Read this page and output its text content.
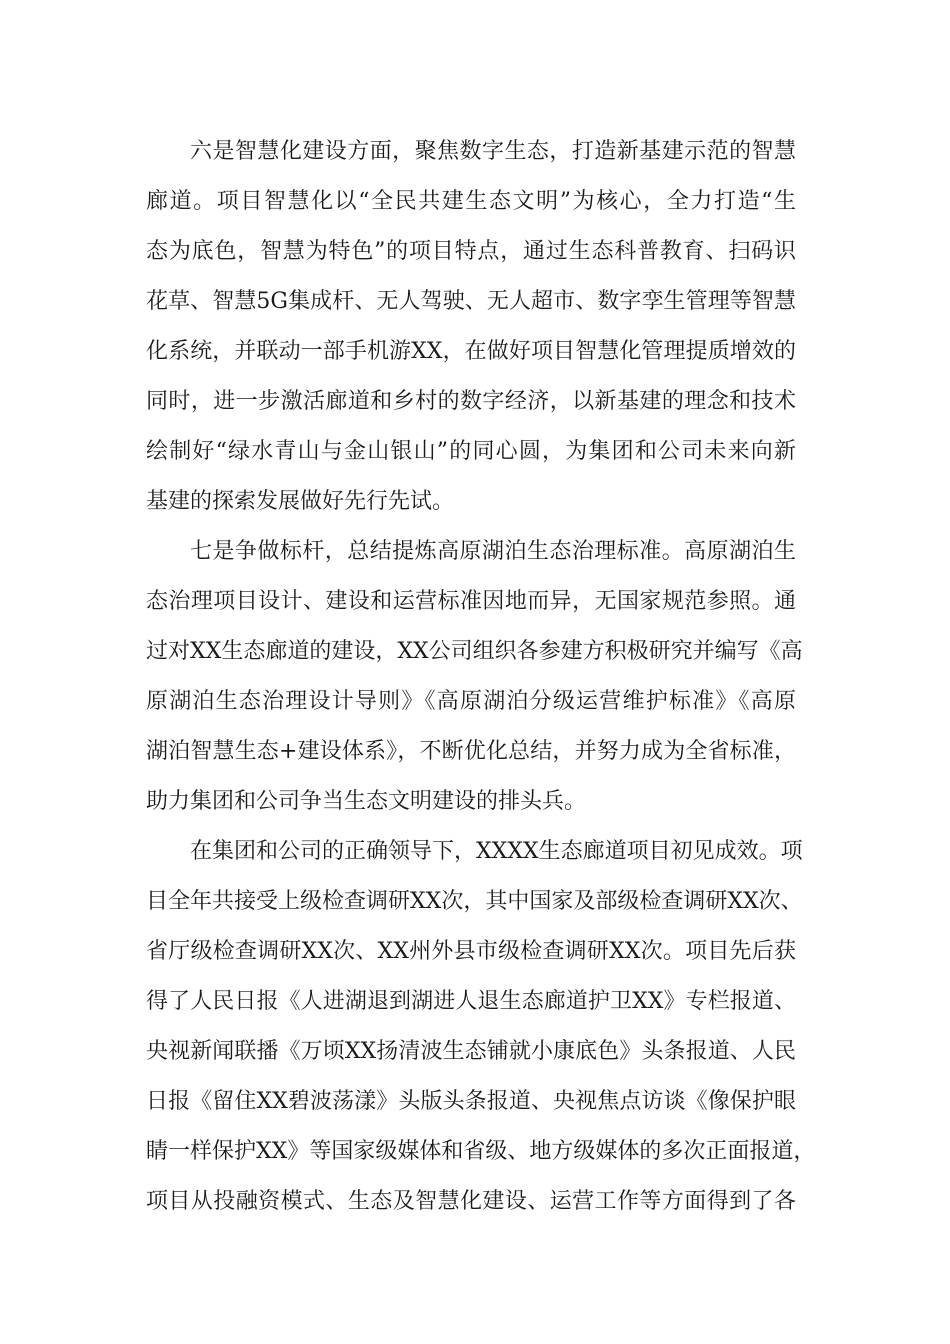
六是智慧化建设方面，聚焦数字生态，打造新基建示范的智慧

廊道。项目智慧化以“全民共建生态文明”为核心，全力打造“生

态为底色，智慧为特色”的项目特点，通过生态科普教育、扫码识

花草、智慧5G集成杆、无人驾驶、无人超市、数字孪生管理等智慧

化系统，并联动一部手机游XX，在做好项目智慧化管理提质增效的

同时，进一步激活廊道和乡村的数字经济，以新基建的理念和技术

绘制好“绿水青山与金山银山”的同心圆，为集团和公司未来向新

基建的探索发展做好先行先试。

七是争做标杆，总结提炼高原湖泊生态治理标准。高原湖泊生

态治理项目设计、建设和运营标准因地而异，无国家规范参照。通

过对XX生态廊道的建设，XX公司组织各参建方积极研究并编写《高

原湖泊生态治理设计导则》《高原湖泊分级运营维护标准》《高原

湖泊智慧生态+建设体系》，不断优化总结，并努力成为全省标准，

助力集团和公司争当生态文明建设的排头兵。

在集团和公司的正确领导下，XXXX生态廊道项目初见成效。项

目全年共接受上级检查调研XX次，其中国家及部级检查调研XX次、

省厅级检查调研XX次、XX州外县市级检查调研XX次。项目先后获

得了人民日报《人进湖退到湖进人退生态廊道护卫XX》专栏报道、

央视新闻联播《万顷XX扬清波生态铺就小康底色》头条报道、人民

日报《留住XX碧波荡漾》头版头条报道、央视焦点访谈《像保护眼

睛一样保护XX》等国家级媒体和省级、地方级媒体的多次正面报道，

项目从投融资模式、生态及智慧化建设、运营工作等方面得到了各
